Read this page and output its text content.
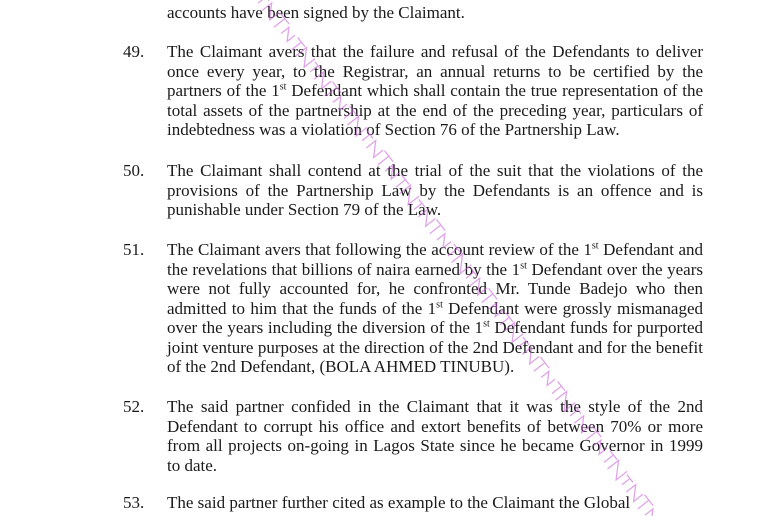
accounts have been signed by the Claimant.
49. The Claimant avers that the failure and refusal of the Defendants to deliver once every year, to the Registrar, an annual returns to be certified by the partners of the 1st Defendant which shall contain the true representation of the total assets of the partnership at the end of the preceding year, particulars of indebtedness was a violation of Section 76 of the Partnership Law.
50. The Claimant shall contend at the trial of the suit that the violations of the provisions of the Partnership Law by the Defendants is an offence and is punishable under Section 79 of the Law.
51. The Claimant avers that following the account review of the 1st Defendant and the revelations that billions of naira earned by the 1st Defendant over the years were not fully accounted for, he confronted Mr. Tunde Badejo who then admitted to him that the funds of the 1st Defendant were grossly mismanaged over the years including the diversion of the 1st Defendant funds for purported joint venture purposes at the direction of the 2nd Defendant and for the benefit of the 2nd Defendant, (BOLA AHMED TINUBU).
52. The said partner confided in the Claimant that it was the style of the 2nd Defendant to corrupt his office and extort benefits of between 70% or more from all projects on-going in Lagos State since he became Governor in 1999 to date.
53. The said partner further cited as example to the Claimant the Global
